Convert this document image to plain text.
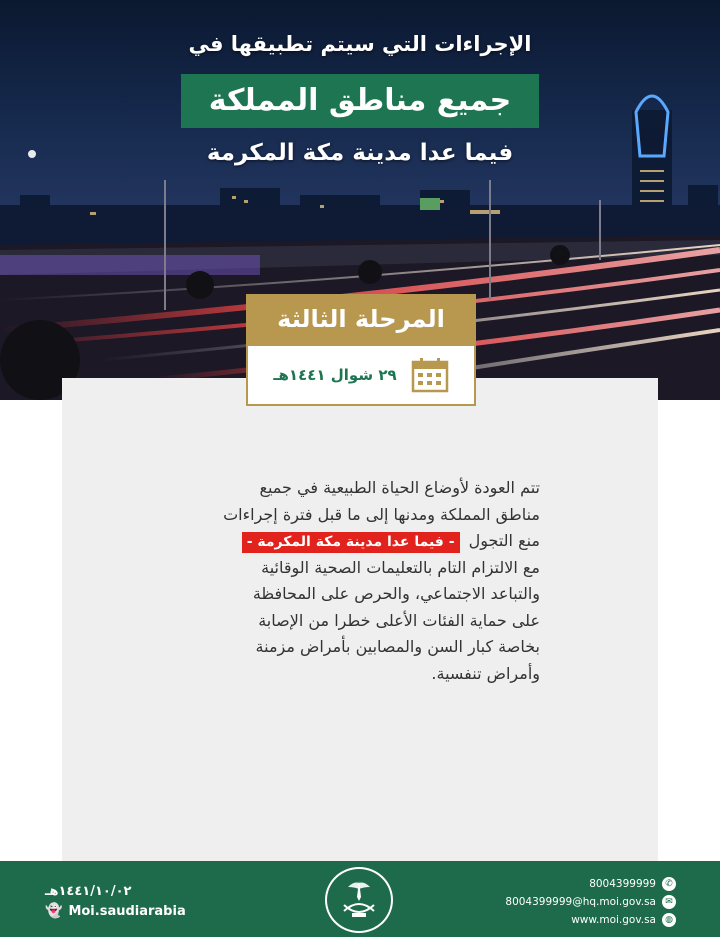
الإجراءات التي سيتم تطبيقها في
جميع مناطق المملكة
فيما عدا مدينة مكة المكرمة
المرحلة الثالثة
٢٩ شوال ١٤٤١هـ
تتم العودة لأوضاع الحياة الطبيعية في جميع
مناطق المملكة ومدنها إلى ما قبل فترة إجراءات
منع التجول - فيما عدا مدينة مكة المكرمة -
مع الالتزام التام بالتعليمات الصحية الوقائية
والتباعد الاجتماعي، والحرص على المحافظة
على حماية الفئات الأعلى خطرا من الإصابة
بخاصة كبار السن والمصابين بأمراض مزمنة
وأمراض تنفسية.
8004399999	✆
8004399999@hq.moi.gov.sa	✉
www.moi.gov.sa	◍
١٤٤١/١٠/٠٢هـ
👻 Moi.saudiarabia
